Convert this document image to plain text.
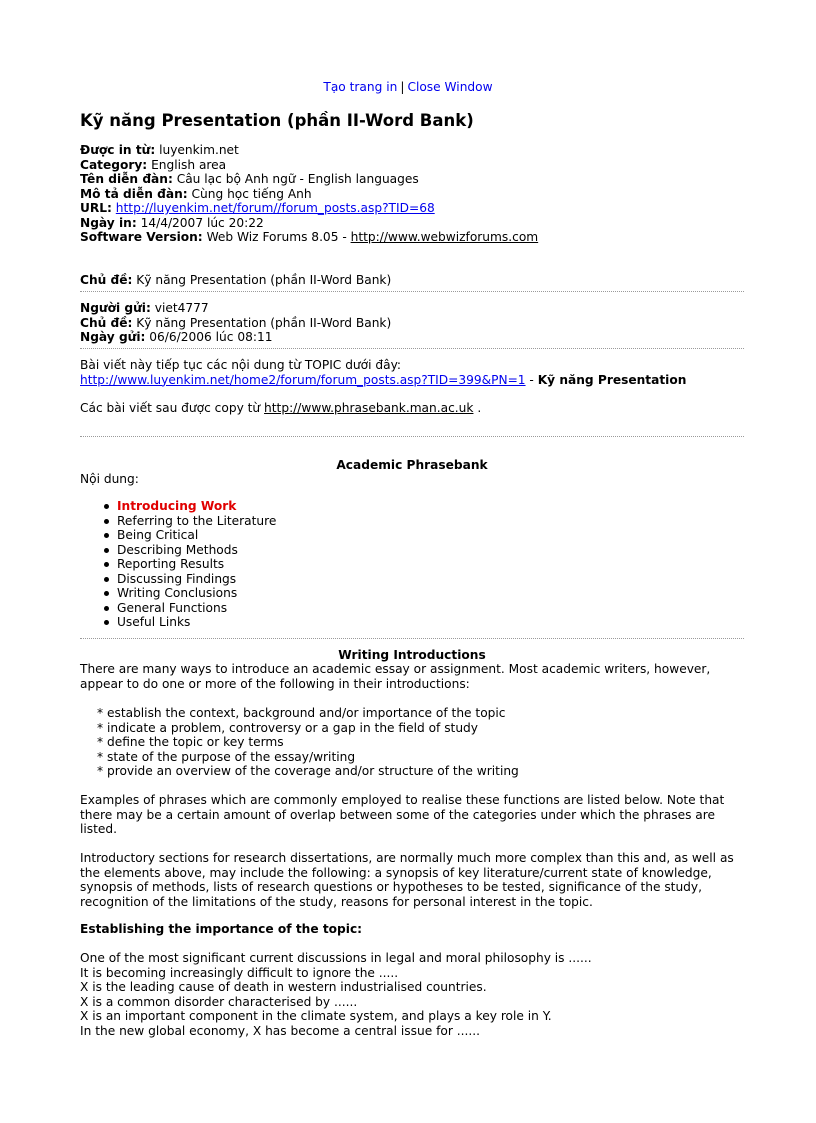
Tạo trang in | Close Window
Kỹ năng Presentation (phần II-Word Bank)
Được in từ: luyenkim.net
Category: English area
Tên diễn đàn: Câu lạc bộ Anh ngữ - English languages
Mô tả diễn đàn: Cùng học tiếng Anh
URL: http://luyenkim.net/forum//forum_posts.asp?TID=68
Ngày in: 14/4/2007 lúc 20:22
Software Version: Web Wiz Forums 8.05 - http://www.webwizforums.com
Chủ đề: Kỹ năng Presentation (phần II-Word Bank)
Người gửi: viet4777
Chủ đề: Kỹ năng Presentation (phần II-Word Bank)
Ngày gửi: 06/6/2006 lúc 08:11
Bài viết này tiếp tục các nội dung từ TOPIC dưới đây:
http://www.luyenkim.net/home2/forum/forum_posts.asp?TID=399&PN=1 - Kỹ năng Presentation
Các bài viết sau được copy từ http://www.phrasebank.man.ac.uk .
Academic Phrasebank
Nội dung:
Introducing Work
Referring to the Literature
Being Critical
Describing Methods
Reporting Results
Discussing Findings
Writing Conclusions
General Functions
Useful Links
Writing Introductions
There are many ways to introduce an academic essay or assignment. Most academic writers, however,
appear to do one or more of the following in their introductions:
* establish the context, background and/or importance of the topic
* indicate a problem, controversy or a gap in the field of study
* define the topic or key terms
* state of the purpose of the essay/writing
* provide an overview of the coverage and/or structure of the writing
Examples of phrases which are commonly employed to realise these functions are listed below. Note that
there may be a certain amount of overlap between some of the categories under which the phrases are
listed.
Introductory sections for research dissertations, are normally much more complex than this and, as well as
the elements above, may include the following: a synopsis of key literature/current state of knowledge,
synopsis of methods, lists of research questions or hypotheses to be tested, significance of the study,
recognition of the limitations of the study, reasons for personal interest in the topic.
Establishing the importance of the topic:
One of the most significant current discussions in legal and moral philosophy is ......
It is becoming increasingly difficult to ignore the .....
X is the leading cause of death in western industrialised countries.
X is a common disorder characterised by ......
X is an important component in the climate system, and plays a key role in Y.
In the new global economy, X has become a central issue for ......
